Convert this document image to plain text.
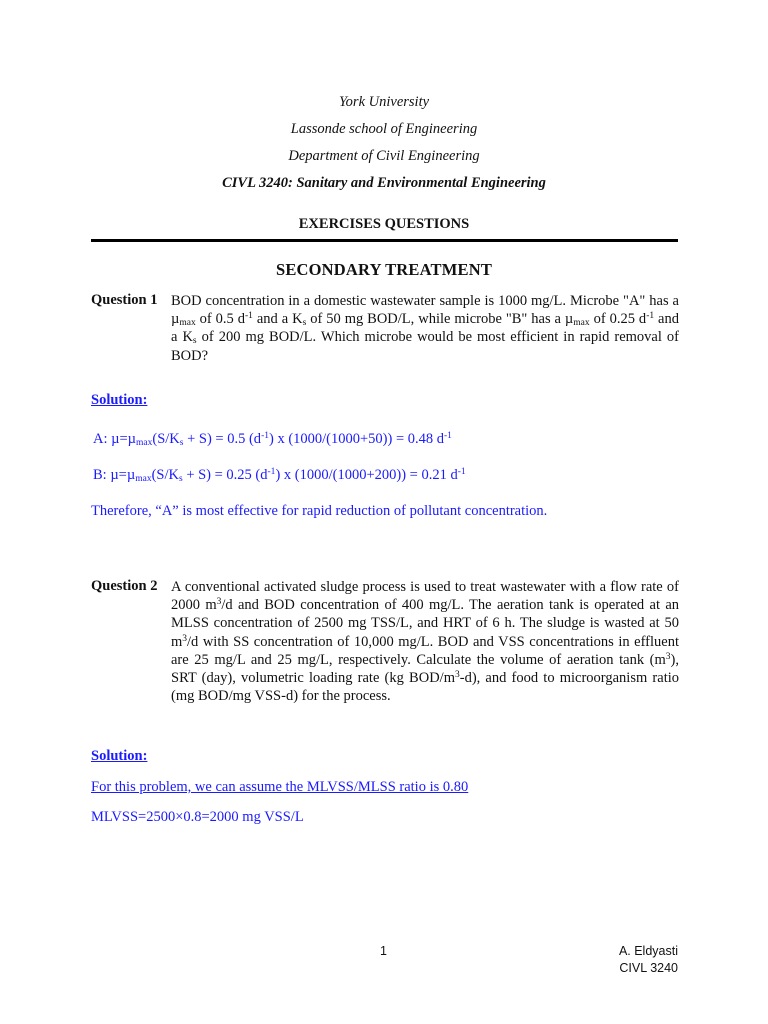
York University
Lassonde school of Engineering
Department of Civil Engineering
CIVL 3240: Sanitary and Environmental Engineering
EXERCISES QUESTIONS
SECONDARY TREATMENT
Question 1 BOD concentration in a domestic wastewater sample is 1000 mg/L. Microbe "A" has a µ$_{max}$ of 0.5 $d^{-1}$ and a $K_s$ of 50 mg BOD/L, while microbe "B" has a µ$_{max}$ of 0.25 $d^{-1}$ and a $K_s$ of 200 mg BOD/L. Which microbe would be most efficient in rapid removal of BOD?

Solution:
A: $\mu=\mu_{max}(S/K_s + S) = 0.5$ $(d^{-1})$ x (1000/(1000+50)) = 0.48 $d^{-1}$
B: $\mu=\mu_{max}(S/K_s + S) = 0.25$ $(d^{-1})$ x (1000/(1000+200)) = 0.21 $d^{-1}$
Therefore, “A” is most effective for rapid reduction of pollutant concentration.
Question 2 A conventional activated sludge process is used to treat wastewater with a flow rate of 2000 $m^3/d$ and BOD concentration of 400 mg/L. The aeration tank is operated at an MLSS concentration of 2500 mg TSS/L, and HRT of 6 h. The sludge is wasted at 50 $m^3/d$ with SS concentration of 10,000 mg/L. BOD and VSS concentrations in effluent are 25 mg/L and 25 mg/L, respectively. Calculate the volume of aeration tank $(m^3)$, SRT (day), volumetric loading rate (kg BOD/$m^3-d$), and food to microorganism ratio (mg BOD/mg VSS-d) for the process.

Solution:
For this problem, we can assume the MLVSS/MLSS ratio is 0.80
MLVSS=2500×0.8=2000 mg VSS/L
1	A. Eldyasti
CIVL 3240
